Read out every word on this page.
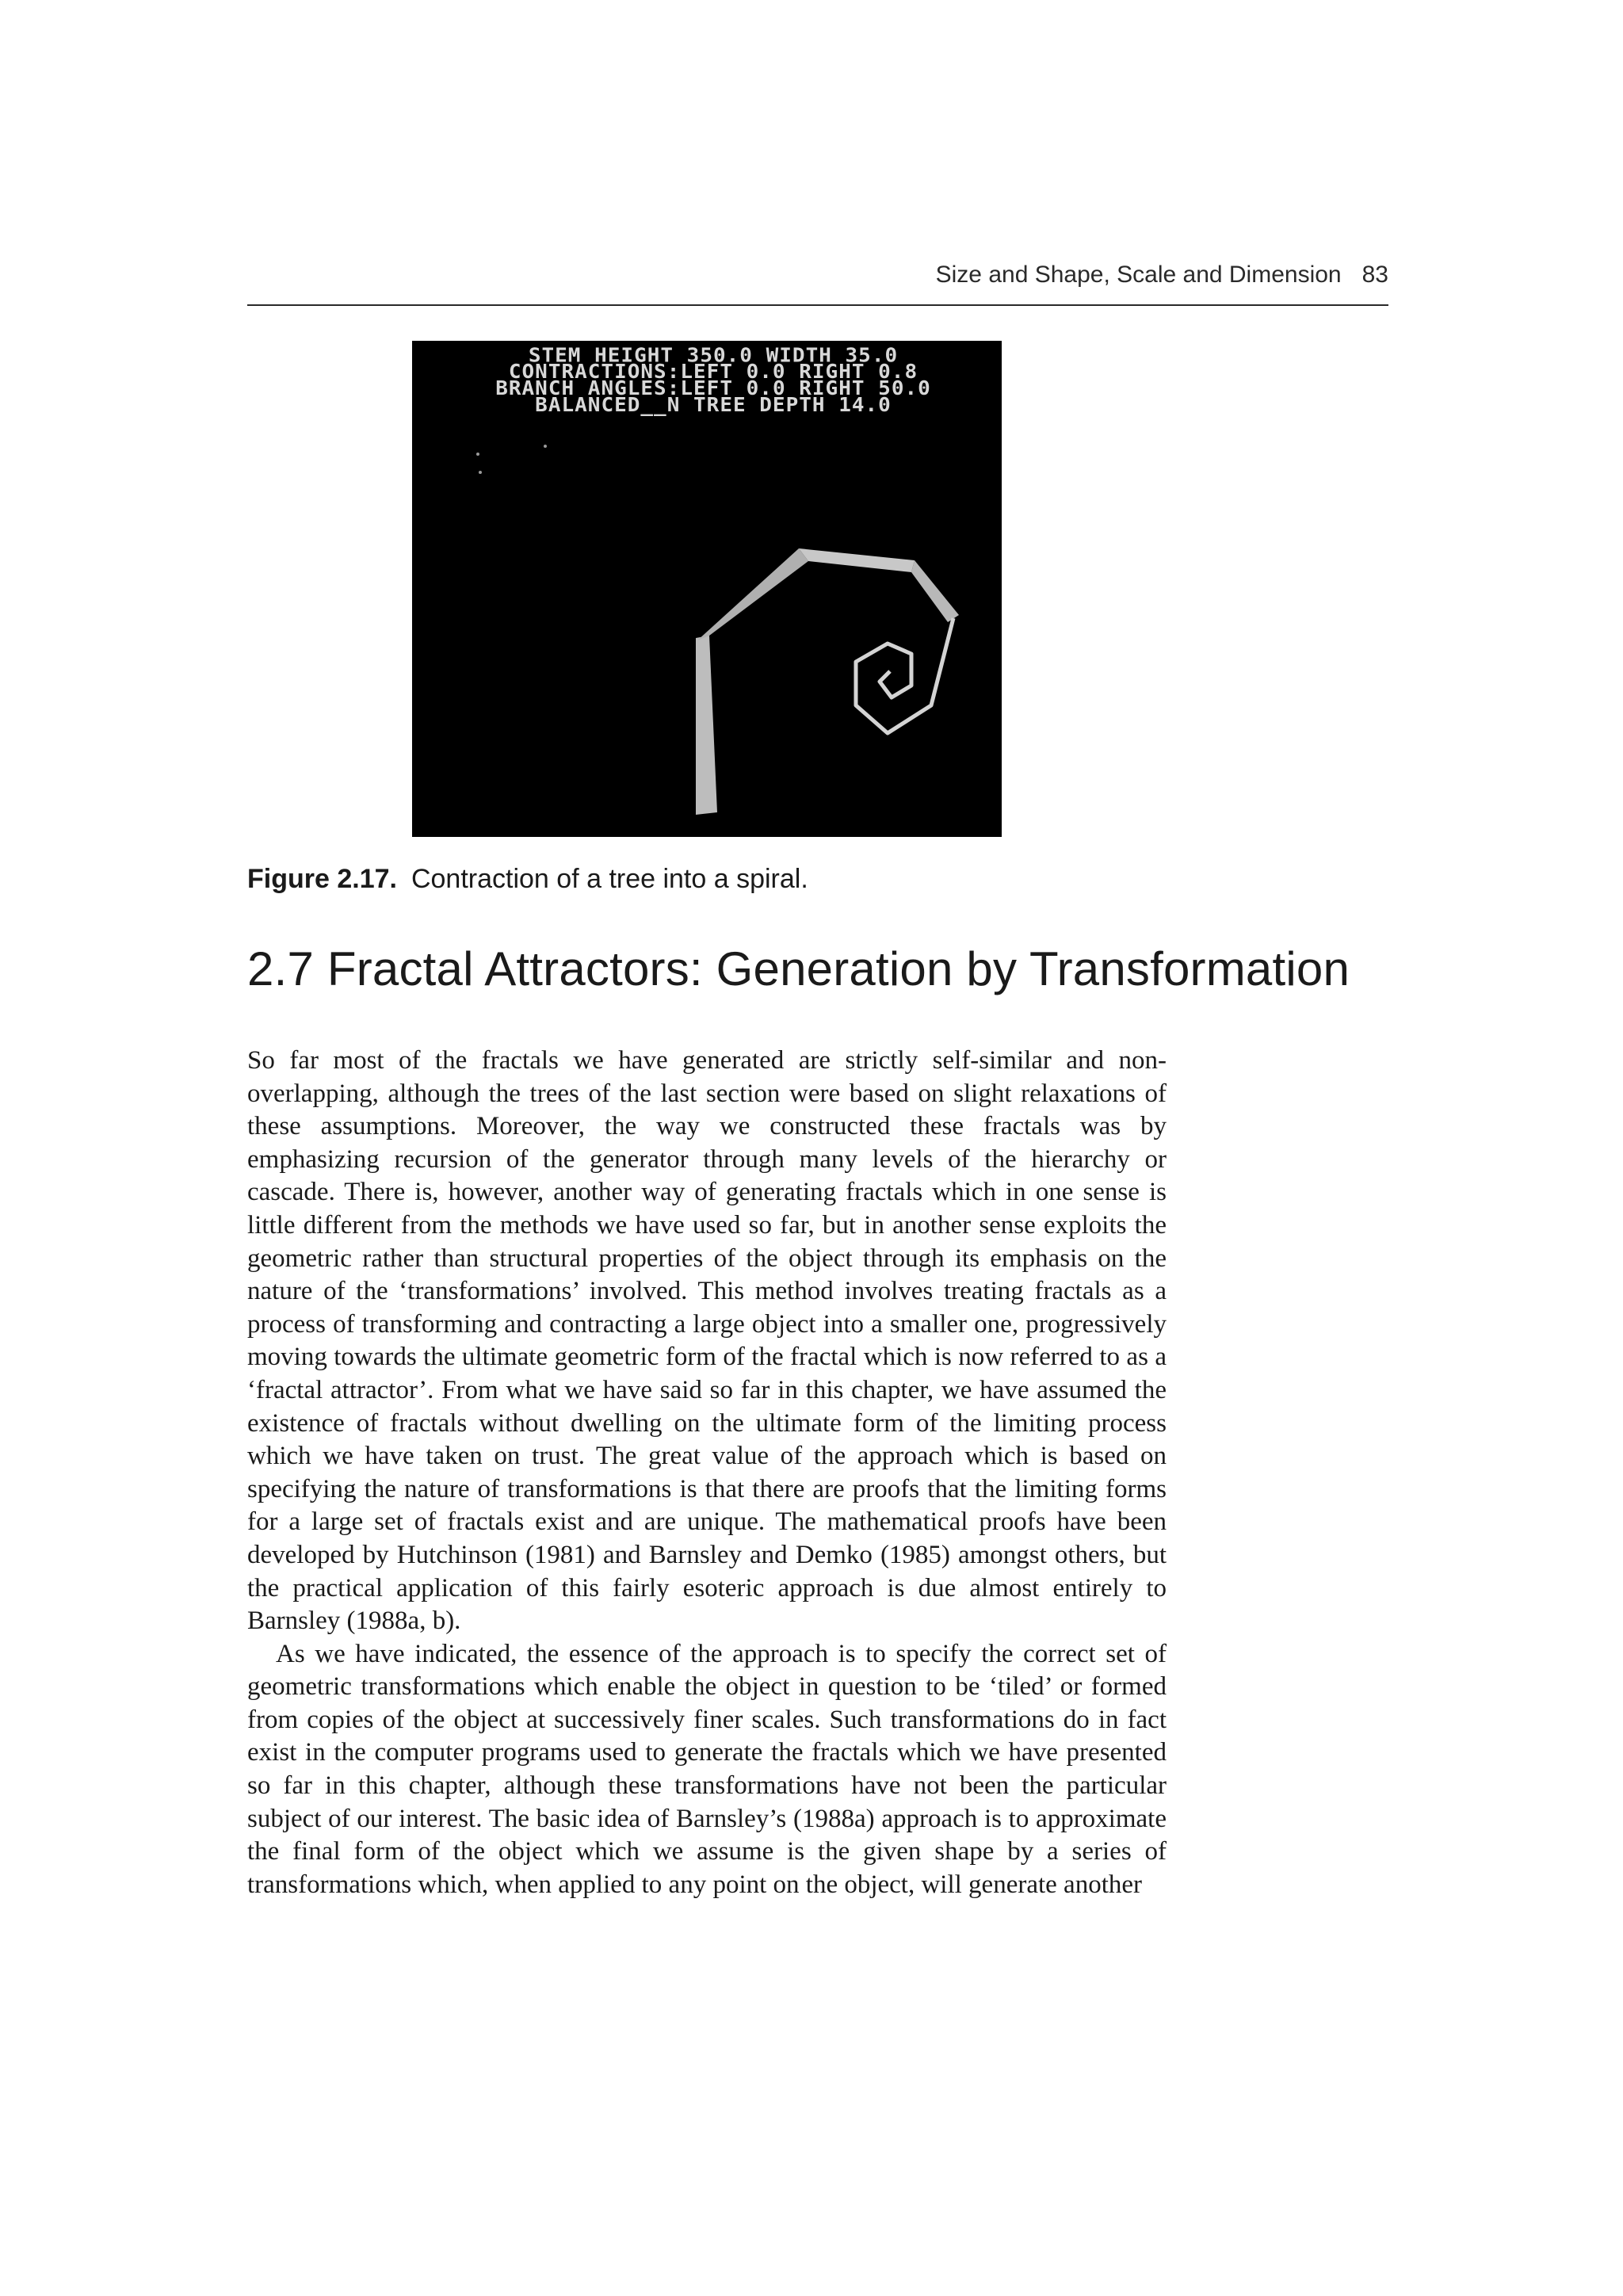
Size and Shape, Scale and Dimension 83
STEM HEIGHT 350.0 WIDTH 35.0
CONTRACTIONS:LEFT 0.0 RIGHT 0.8
BRANCH ANGLES:LEFT 0.0 RIGHT 50.0
BALANCED__N TREE DEPTH 14.0
Figure 2.17. Contraction of a tree into a spiral.
2.7 Fractal Attractors: Generation by Transformation

So far most of the fractals we have generated are strictly self-similar and non-overlapping, although the trees of the last section were based on slight relaxations of these assumptions. Moreover, the way we constructed these fractals was by emphasizing recursion of the generator through many levels of the hierarchy or cascade. There is, however, another way of generating fractals which in one sense is little different from the methods we have used so far, but in another sense exploits the geometric rather than structural properties of the object through its emphasis on the nature of the ‘transformations’ involved. This method involves treating fractals as a process of transforming and contracting a large object into a smaller one, progressively moving towards the ultimate geometric form of the fractal which is now referred to as a ‘fractal attractor’. From what we have said so far in this chapter, we have assumed the existence of fractals without dwelling on the ultimate form of the limiting process which we have taken on trust. The great value of the approach which is based on specifying the nature of transformations is that there are proofs that the limiting forms for a large set of fractals exist and are unique. The mathematical proofs have been developed by Hutchinson (1981) and Barnsley and Demko (1985) amongst others, but the practical application of this fairly esoteric approach is due almost entirely to Barnsley (1988a, b).

As we have indicated, the essence of the approach is to specify the correct set of geometric transformations which enable the object in question to be ‘tiled’ or formed from copies of the object at successively finer scales. Such transformations do in fact exist in the computer programs used to generate the fractals which we have presented so far in this chapter, although these transformations have not been the particular subject of our interest. The basic idea of Barnsley’s (1988a) approach is to approximate the final form of the object which we assume is the given shape by a series of transformations which, when applied to any point on the object, will generate another
